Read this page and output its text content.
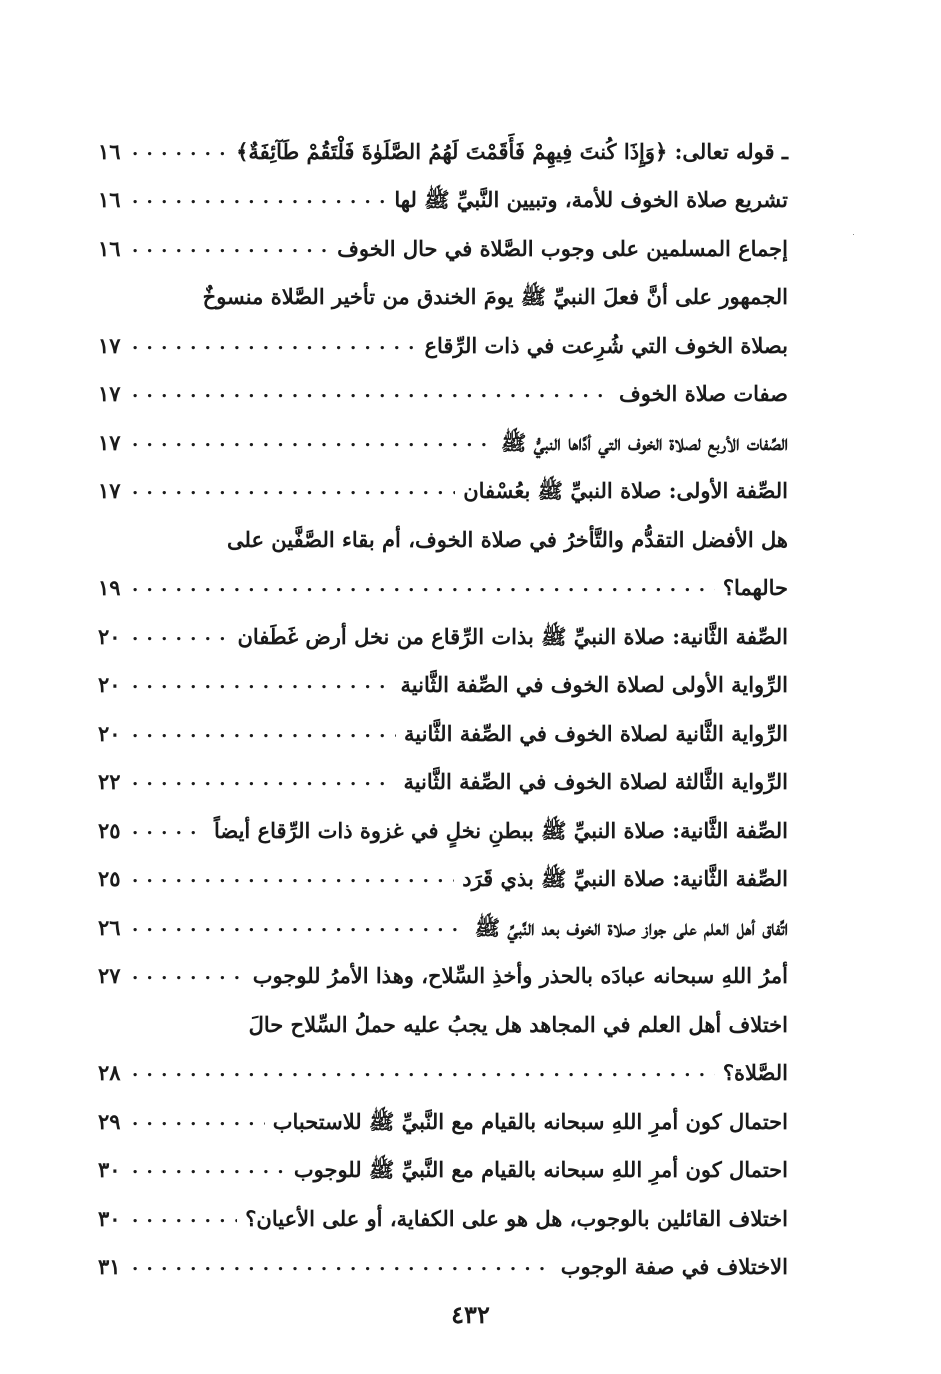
ـ قوله تعالى: ﴿وَإِذَا كُنتَ فِيهِمْ فَأَقَمْتَ لَهُمُ الصَّلَوٰةَ فَلْتَقُمْ طَآئِفَةٌ﴾
. . .
١٦
تشريع صلاة الخوف للأمة، وتبيين النَّبيِّ ﷺ لها
. . .
١٦
إجماع المسلمين على وجوب الصَّلاة في حال الخوف
. . .
١٦
الجمهور على أنَّ فعلَ النبيِّ ﷺ يومَ الخندق من تأخير الصَّلاة منسوخٌ
بصلاة الخوف التي شُرِعت في ذات الرِّقاع
. . .
١٧
صفات صلاة الخوف
. . .
١٧
الصِّفات الأربع لصلاة الخوف التي أدَّاها النبيُّ ﷺ
. . .
١٧
الصِّفة الأولى: صلاة النبيِّ ﷺ بعُسْفان
. . .
١٧
هل الأفضل التقدُّم والتَّأخرُ في صلاة الخوف، أم بقاء الصَّفَّين على
حالهما؟
. . .
١٩
الصِّفة الثَّانية: صلاة النبيِّ ﷺ بذات الرِّقاع من نخل أرض غَطَفان
. . .
٢٠
الرِّواية الأولى لصلاة الخوف في الصِّفة الثَّانية
. . .
٢٠
الرِّواية الثَّانية لصلاة الخوف في الصِّفة الثَّانية
. . .
٢٠
الرِّواية الثَّالثة لصلاة الخوف في الصِّفة الثَّانية
. . .
٢٢
الصِّفة الثَّانية: صلاة النبيِّ ﷺ ببطنِ نخلٍ في غزوة ذات الرِّقاع أيضاً
. . .
٢٥
الصِّفة الثَّانية: صلاة النبيِّ ﷺ بذي قَرَد
. . .
٢٥
اتِّفاق أهل العلم على جواز صلاة الخوف بعد النَّبيِّ ﷺ
. . .
٢٦
أمرُ اللهِ سبحانه عبادَه بالحذر وأخذِ السِّلاح، وهذا الأمرُ للوجوب
. . .
٢٧
اختلاف أهل العلم في المجاهد هل يجبُ عليه حملُ السِّلاح حالَ
الصَّلاة؟
. . .
٢٨
احتمال كون أمرِ اللهِ سبحانه بالقيام مع النَّبيِّ ﷺ للاستحباب
. . .
٢٩
احتمال كون أمرِ اللهِ سبحانه بالقيام مع النَّبيِّ ﷺ للوجوب
. . .
٣٠
اختلاف القائلين بالوجوب، هل هو على الكفاية، أو على الأعيان؟
. . .
٣٠
الاختلاف في صفة الوجوب
. . .
٣١
٤٣٢
